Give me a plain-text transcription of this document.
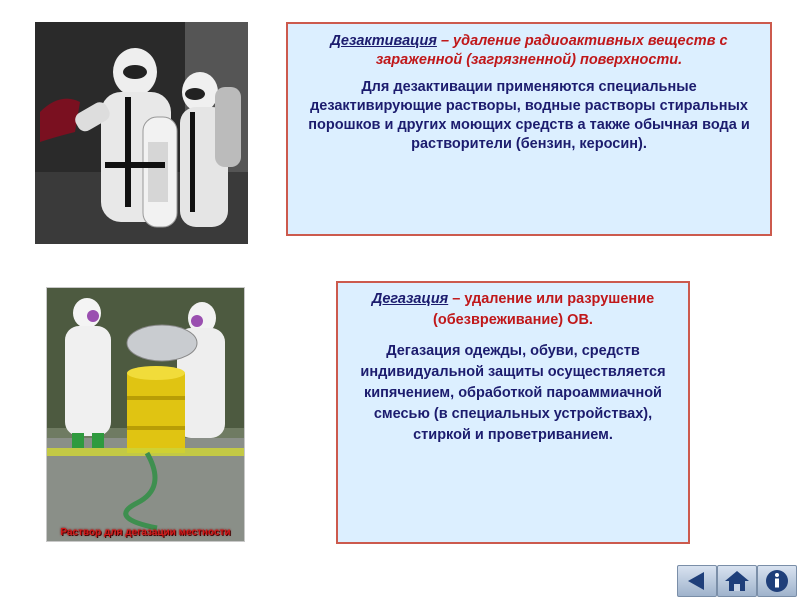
Дезактивация – удаление радиоактивных веществ с зараженной (загрязненной) поверхности.

Для дезактивации применяются специальные дезактивирующие растворы, водные растворы стиральных порошков и других моющих средств а также обычная вода и растворители (бензин, керосин).

Раствор для дегазации местности

Дегазация – удаление или разрушение (обезвреживание) ОВ.

Дегазация одежды, обуви, средств индивидуальной защиты осуществляется кипячением, обработкой пароаммиачной смесью (в специальных устройствах), стиркой и проветриванием.
